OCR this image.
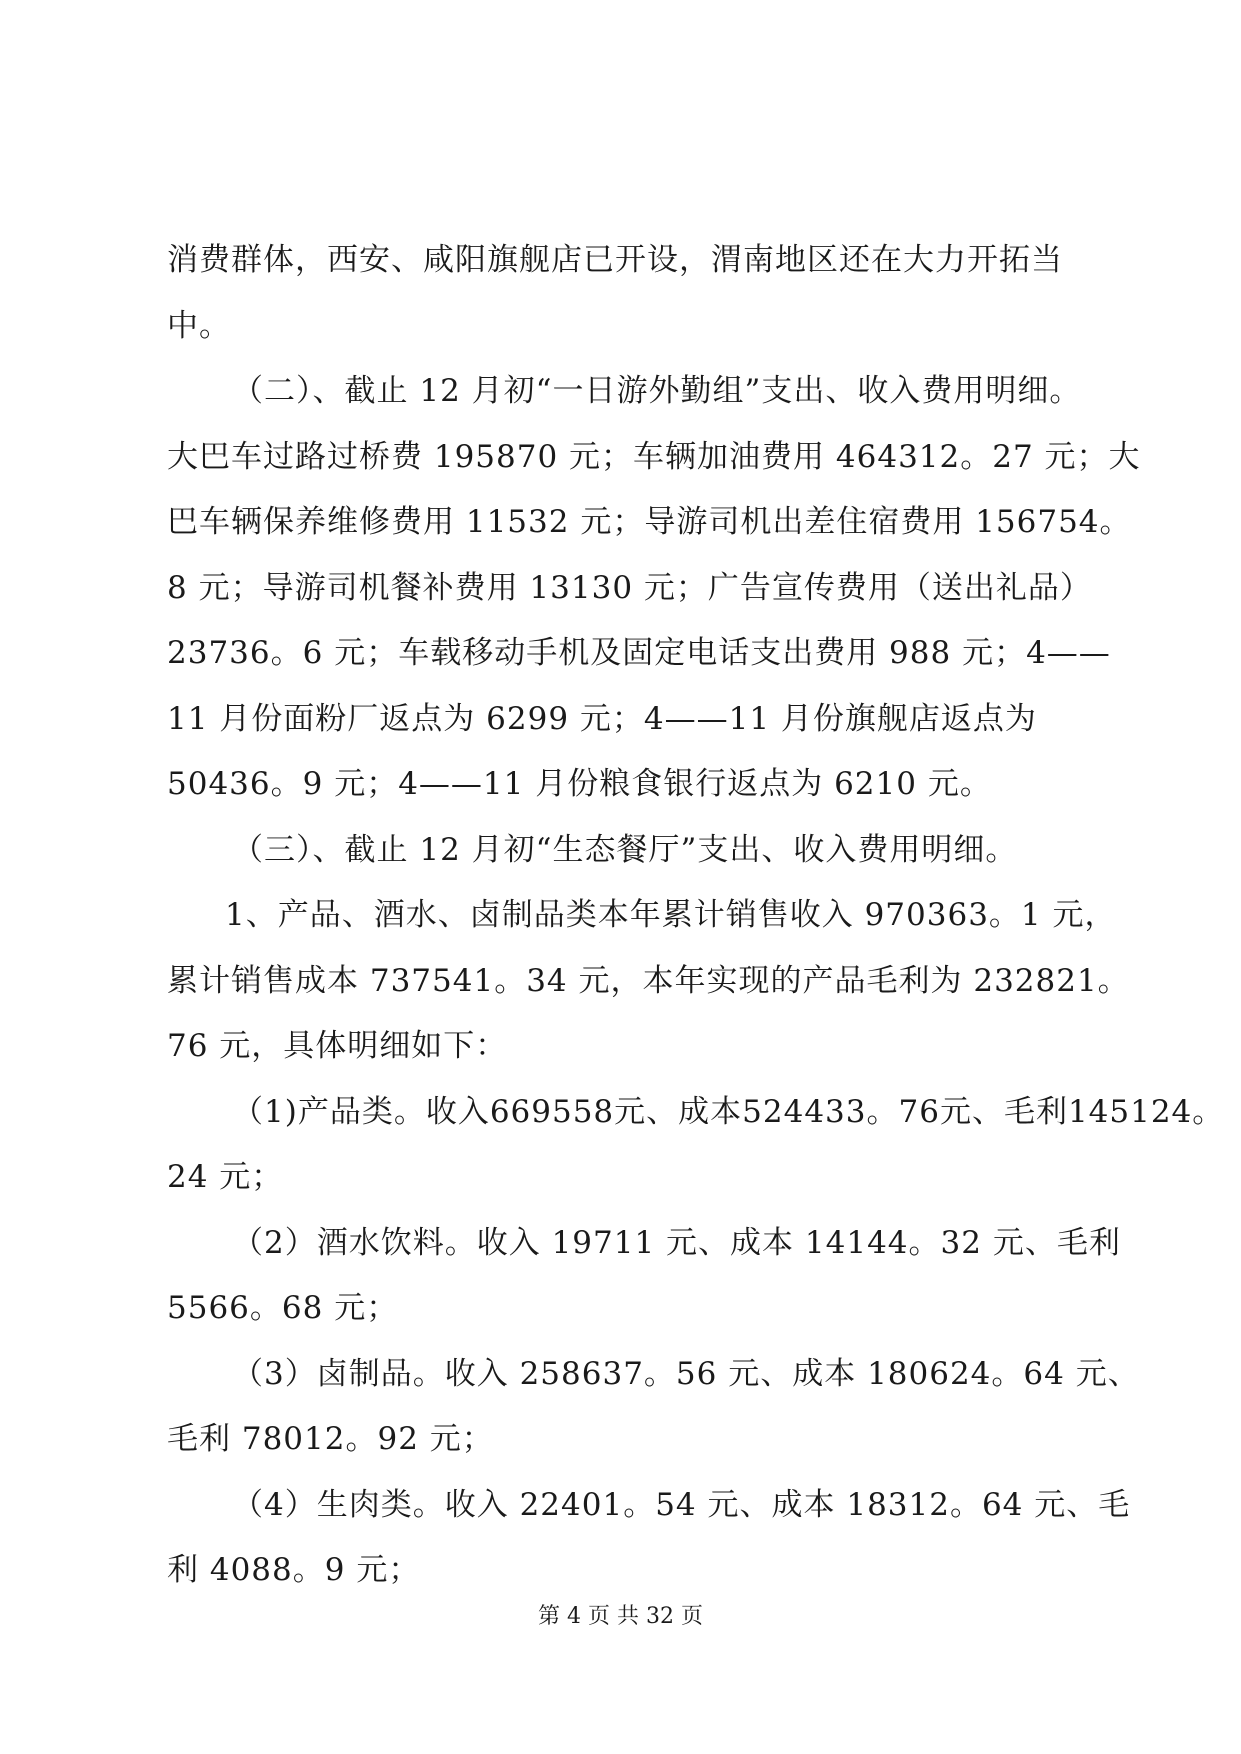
消费群体，西安、咸阳旗舰店已开设，渭南地区还在大力开拓当
中。
（二）、截止 12 月初“一日游外勤组”支出、收入费用明细。
大巴车过路过桥费 195870 元；车辆加油费用 464312。27 元；大
巴车辆保养维修费用 11532 元；导游司机出差住宿费用 156754。
8 元；导游司机餐补费用 13130 元；广告宣传费用（送出礼品）
23736。6 元；车载移动手机及固定电话支出费用 988 元；4——
11 月份面粉厂返点为 6299 元；4——11 月份旗舰店返点为
50436。9 元；4——11 月份粮食银行返点为 6210 元。
（三）、截止 12 月初“生态餐厅”支出、收入费用明细。
1、产品、酒水、卤制品类本年累计销售收入 970363。1 元，
累计销售成本 737541。34 元，本年实现的产品毛利为 232821。
76 元，具体明细如下：
（1)产品类。收入669558元、成本524433。76元、毛利145124。
24 元；
（2）酒水饮料。收入 19711 元、成本 14144。32 元、毛利
5566。68 元；
（3）卤制品。收入 258637。56 元、成本 180624。64 元、
毛利 78012。92 元；
（4）生肉类。收入 22401。54 元、成本 18312。64 元、毛
利 4088。9 元；
第 4 页 共 32 页
